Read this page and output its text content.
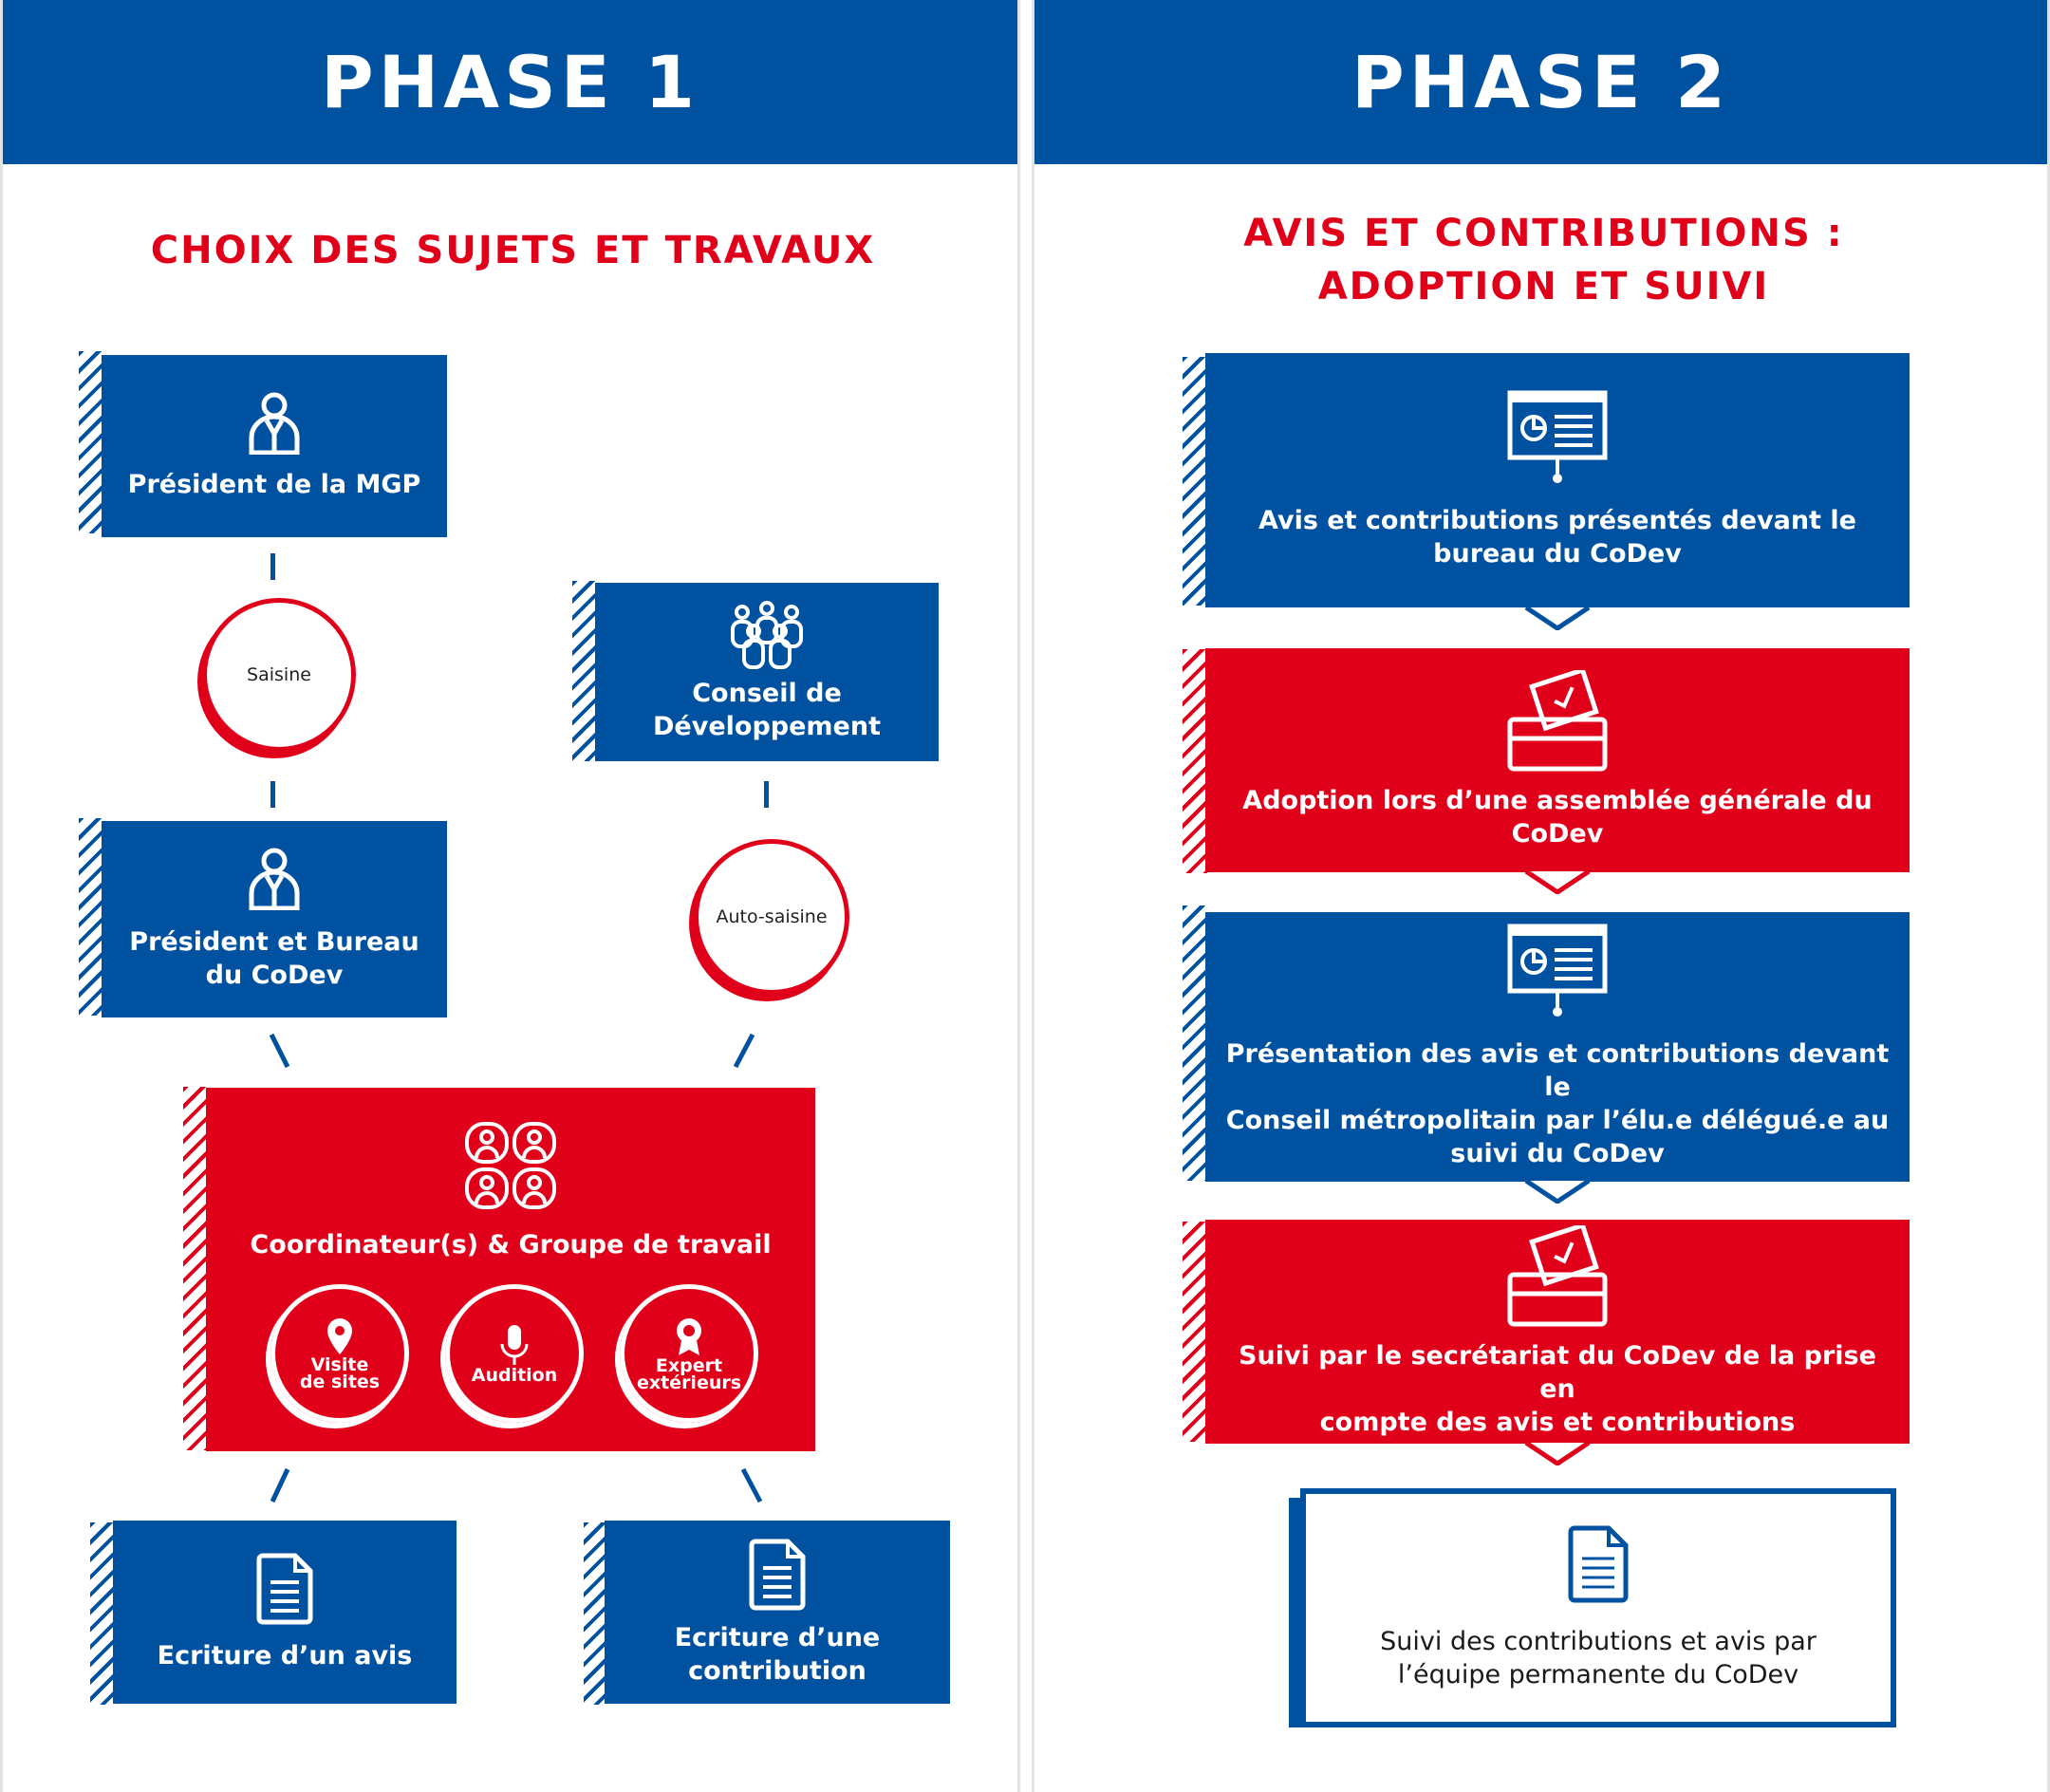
PHASE 1
CHOIX DES SUJETS ET TRAVAUX
Président de la MGP
Saisine
Président et Bureau
du CoDev
Conseil de
Développement
Auto-saisine
Coordinateur(s) & Groupe de travail
Visite
de sites	Audition	Expert
extérieurs
Ecriture d’un avis
Ecriture d’une
contribution
PHASE 2
AVIS ET CONTRIBUTIONS :
ADOPTION ET SUIVI
Avis et contributions présentés devant le
bureau du CoDev
Adoption lors d’une assemblée générale du
CoDev
Présentation des avis et contributions devant le
Conseil métropolitain par l’élu.e délégué.e au
suivi du CoDev
Suivi par le secrétariat du CoDev de la prise en
compte des avis et contributions
Suivi des contributions et avis par
l’équipe permanente du CoDev
